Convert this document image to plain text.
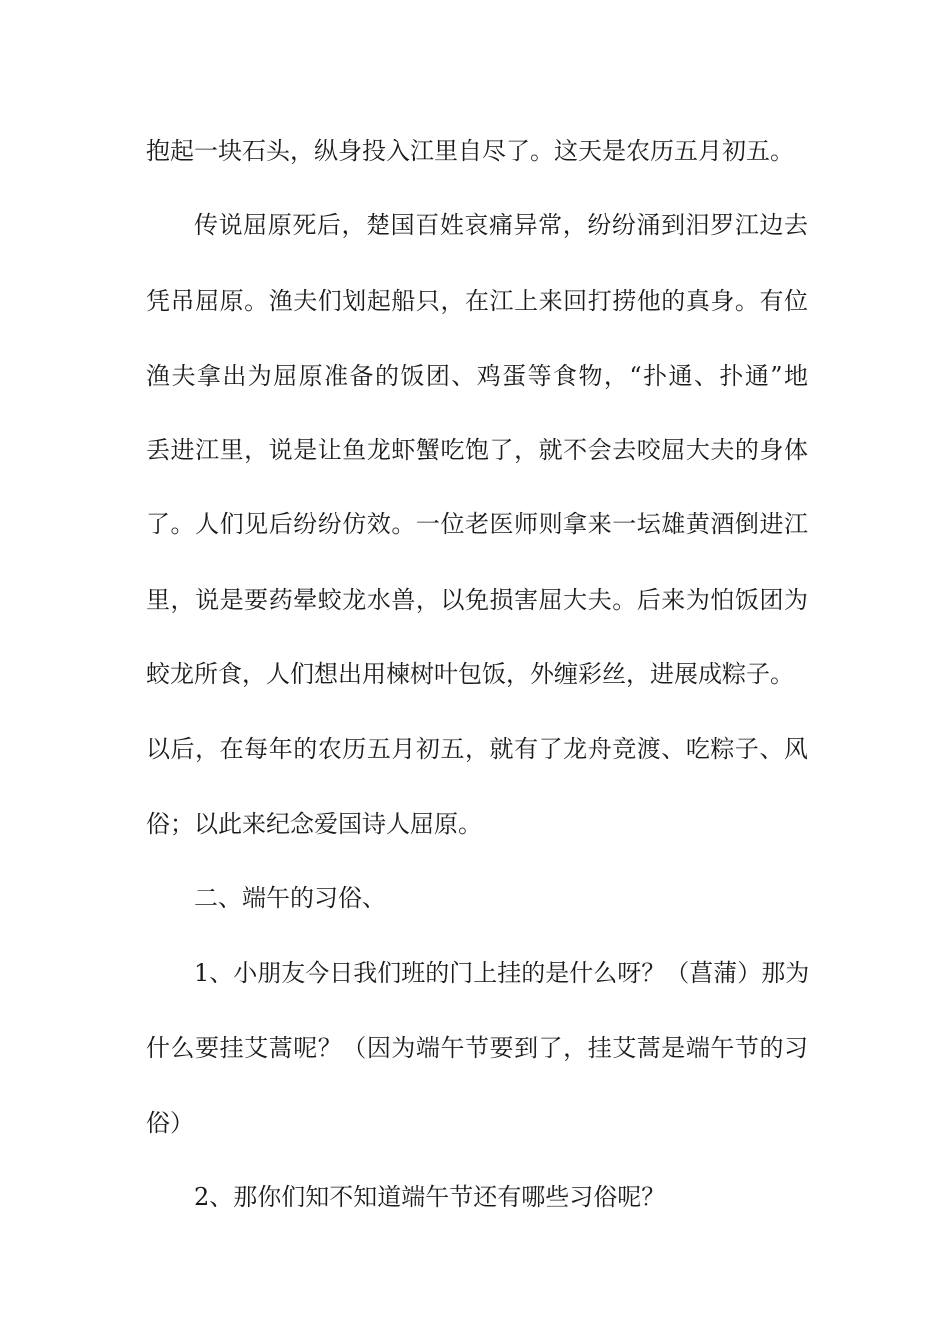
抱起一块石头，纵身投入江里自尽了。这天是农历五月初五。
传说屈原死后，楚国百姓哀痛异常，纷纷涌到汨罗江边去
凭吊屈原。渔夫们划起船只，在江上来回打捞他的真身。有位
渔夫拿出为屈原准备的饭团、鸡蛋等食物，“扑通、扑通”地
丢进江里，说是让鱼龙虾蟹吃饱了，就不会去咬屈大夫的身体
了。人们见后纷纷仿效。一位老医师则拿来一坛雄黄酒倒进江
里，说是要药晕蛟龙水兽，以免损害屈大夫。后来为怕饭团为
蛟龙所食，人们想出用楝树叶包饭，外缠彩丝，进展成粽子。
以后，在每年的农历五月初五，就有了龙舟竞渡、吃粽子、风
俗；以此来纪念爱国诗人屈原。
二、端午的习俗、
1、小朋友今日我们班的门上挂的是什么呀？（菖蒲）那为
什么要挂艾蒿呢？（因为端午节要到了，挂艾蒿是端午节的习
俗）
2、那你们知不知道端午节还有哪些习俗呢？
